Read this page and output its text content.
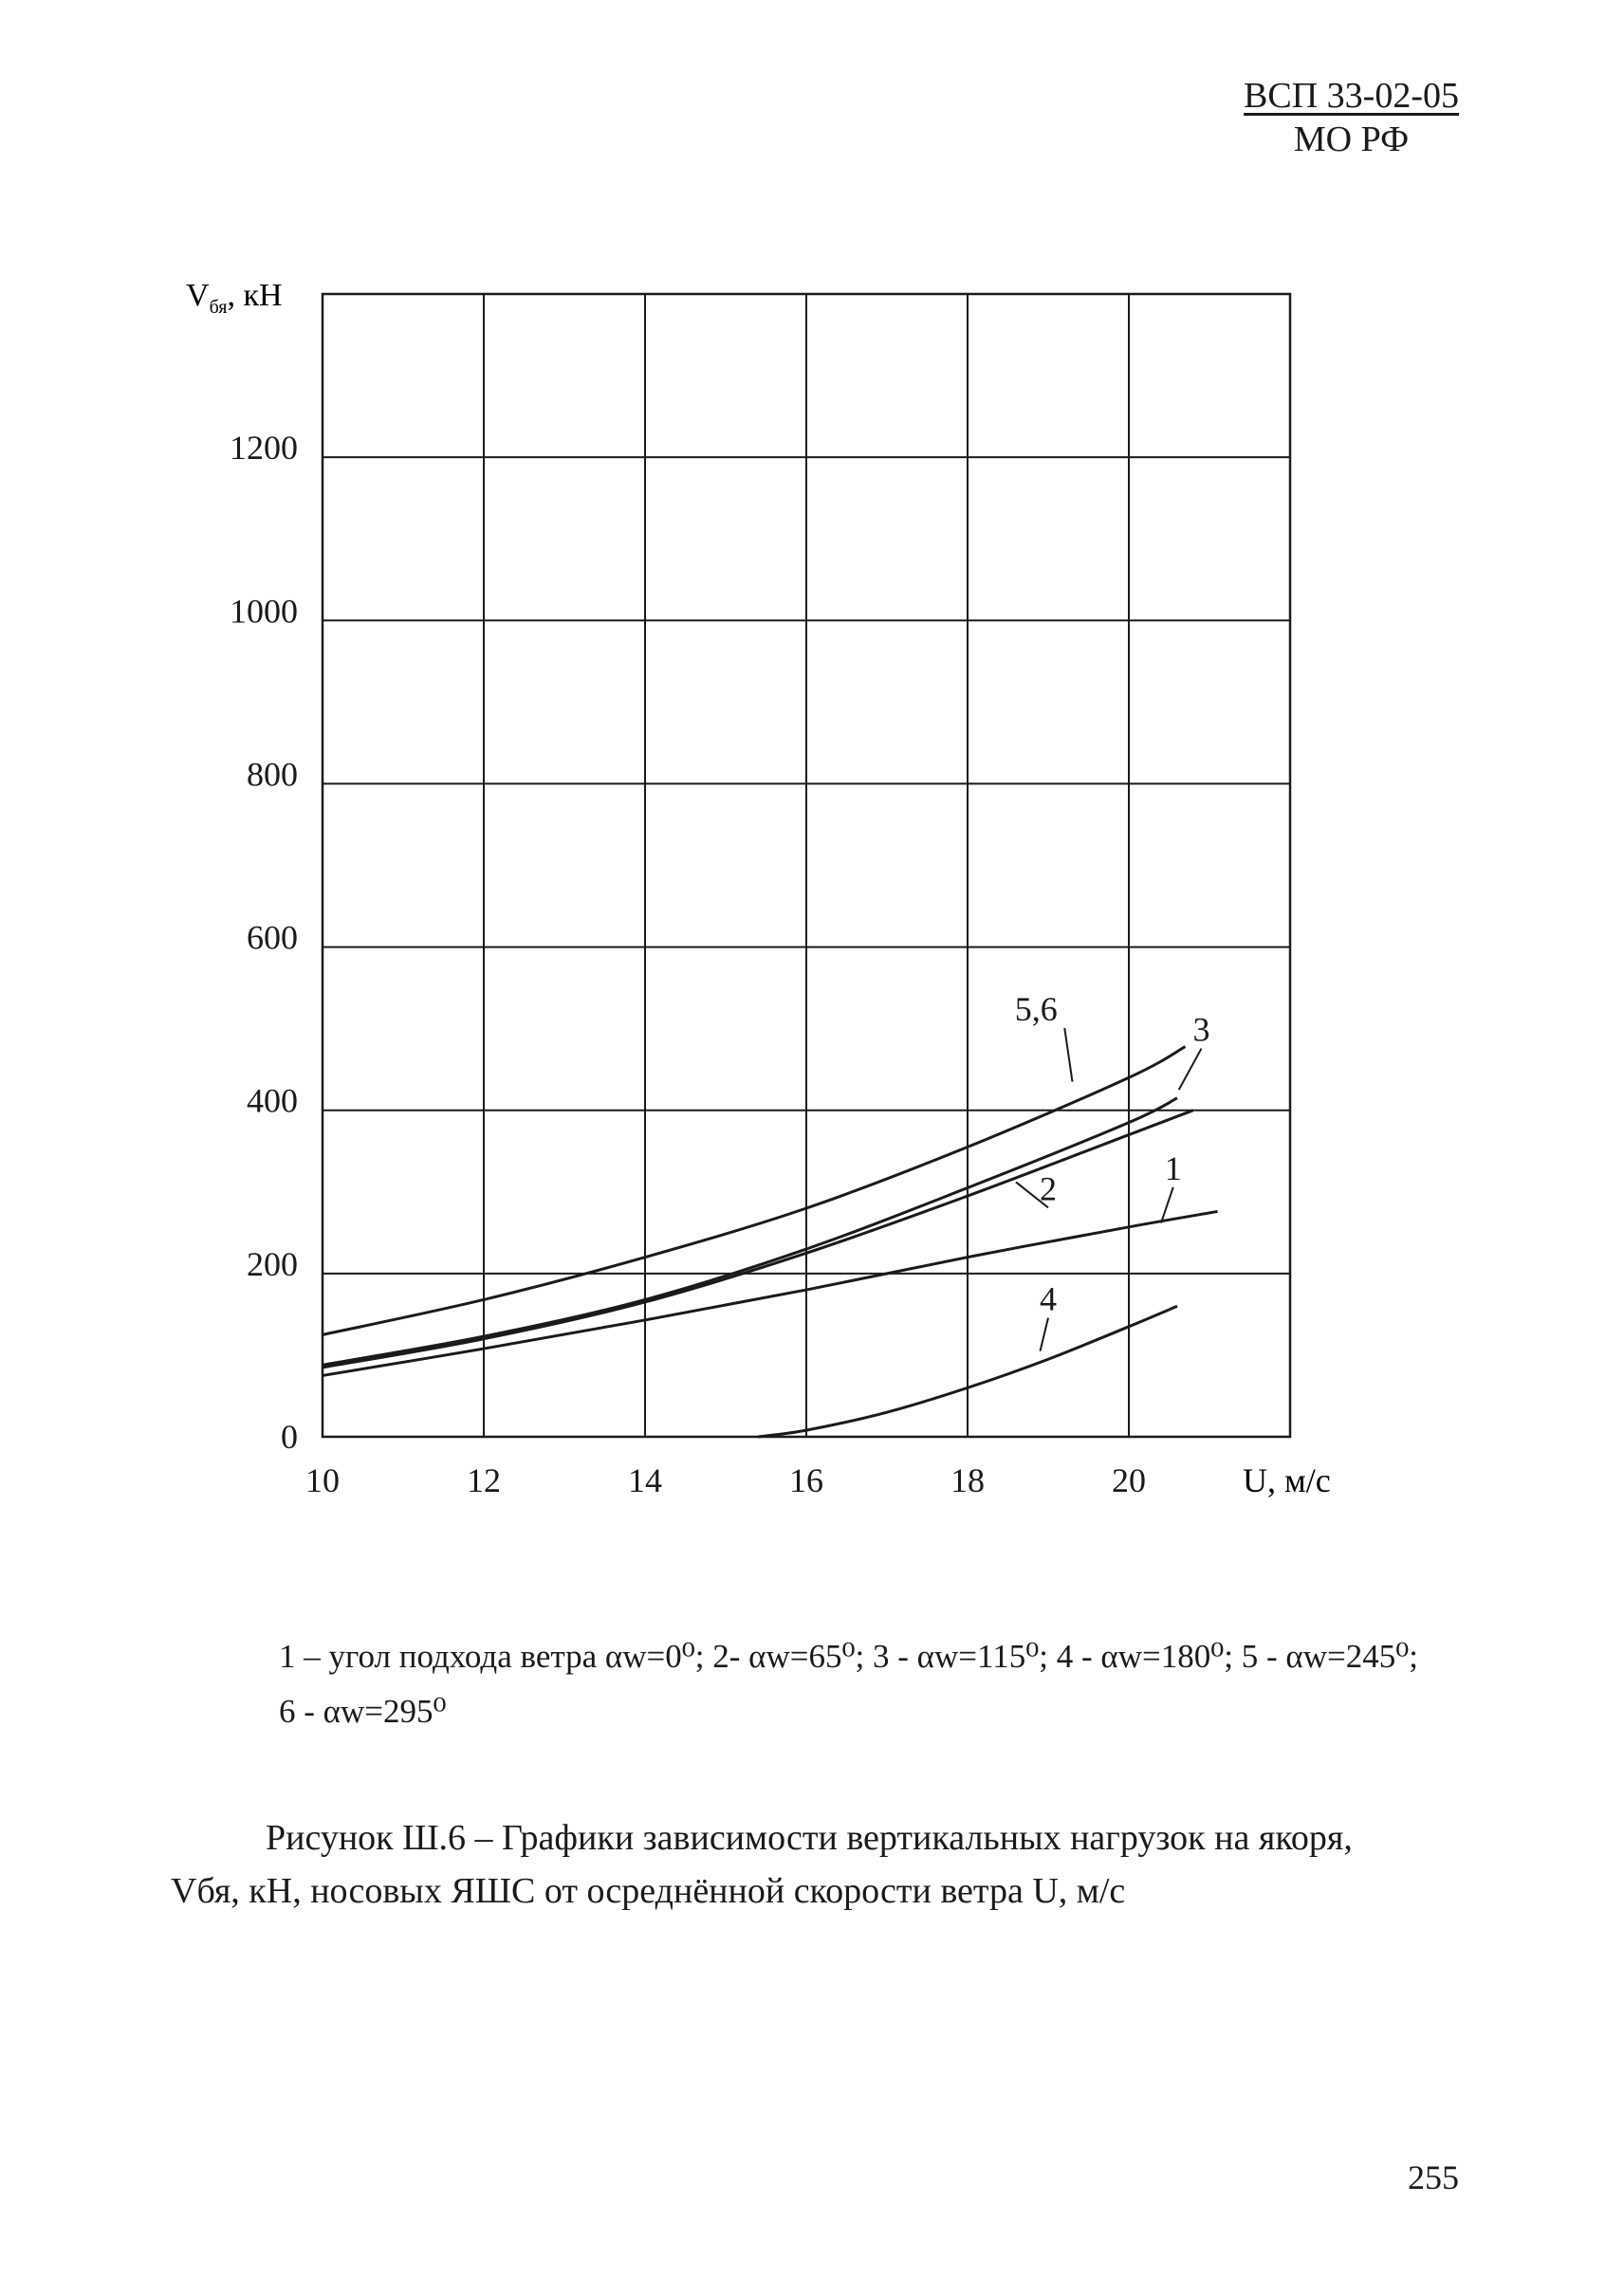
ВСП 33-02-05
МО РФ
10	12	14	16	18	20
0
200
400
600
800
1000
1200
5,6
3
2
1
4
$V_{бя}$, кН
U, м/с
1 – угол подхода ветра αw=0⁰; 2- αw=65⁰; 3 - αw=115⁰; 4 - αw=180⁰; 5 - αw=245⁰;
6 - αw=295⁰
Рисунок Ш.6 – Графики зависимости вертикальных нагрузок на якоря,
Vбя, кН, носовых ЯШС от осреднённой скорости ветра U, м/с
255
